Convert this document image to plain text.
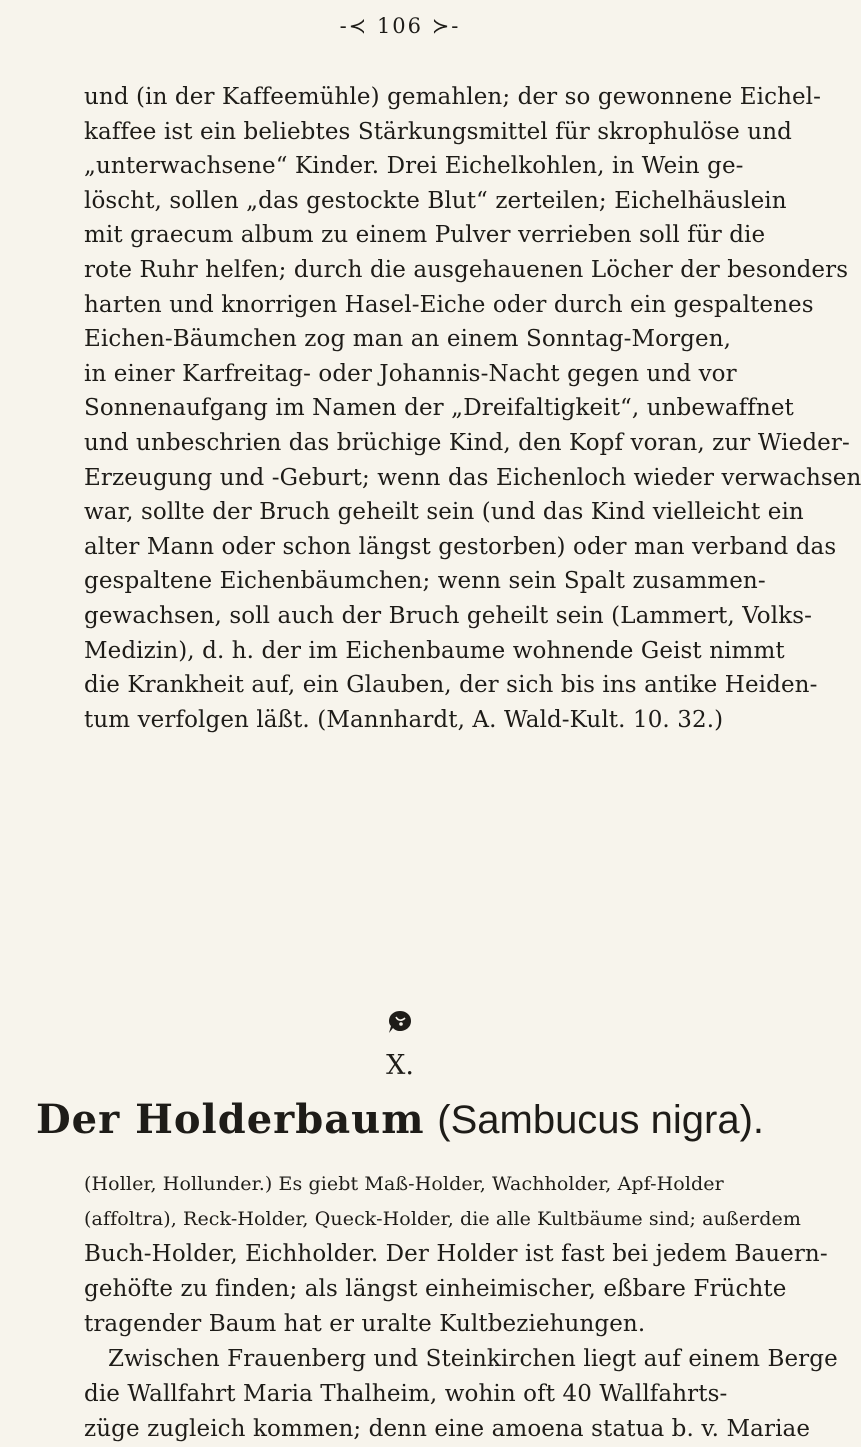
-≺ 106 ≻-
und (in der Kaffeemühle) gemahlen; der so gewonnene Eichel-
kaffee ist ein beliebtes Stärkungsmittel für skrophulöse und
„unterwachsene“ Kinder. Drei Eichelkohlen, in Wein ge-
löscht, sollen „das gestockte Blut“ zerteilen; Eichelhäuslein
mit graecum album zu einem Pulver verrieben soll für die
rote Ruhr helfen; durch die ausgehauenen Löcher der besonders
harten und knorrigen Hasel-Eiche oder durch ein gespaltenes
Eichen-Bäumchen zog man an einem Sonntag-Morgen,
in einer Karfreitag- oder Johannis-Nacht gegen und vor
Sonnenaufgang im Namen der „Dreifaltigkeit“, unbewaffnet
und unbeschrien das brüchige Kind, den Kopf voran, zur Wieder-
Erzeugung und -Geburt; wenn das Eichenloch wieder verwachsen
war, sollte der Bruch geheilt sein (und das Kind vielleicht ein
alter Mann oder schon längst gestorben) oder man verband das
gespaltene Eichenbäumchen; wenn sein Spalt zusammen-
gewachsen, soll auch der Bruch geheilt sein (Lammert, Volks-
Medizin), d. h. der im Eichenbaume wohnende Geist nimmt
die Krankheit auf, ein Glauben, der sich bis ins antike Heiden-
tum verfolgen läßt. (Mannhardt, A. Wald-Kult. 10. 32.)
X.
Der Holderbaum (Sambucus nigra).
(Holler, Hollunder.) Es giebt Maß-Holder, Wachholder, Apf-Holder
(affoltra), Reck-Holder, Queck-Holder, die alle Kultbäume sind; außerdem
Buch-Holder, Eichholder. Der Holder ist fast bei jedem Bauern-
gehöfte zu finden; als längst einheimischer, eßbare Früchte
tragender Baum hat er uralte Kultbeziehungen.
Zwischen Frauenberg und Steinkirchen liegt auf einem Berge
die Wallfahrt Maria Thalheim, wohin oft 40 Wallfahrts-
züge zugleich kommen; denn eine amoena statua b. v. Mariae
